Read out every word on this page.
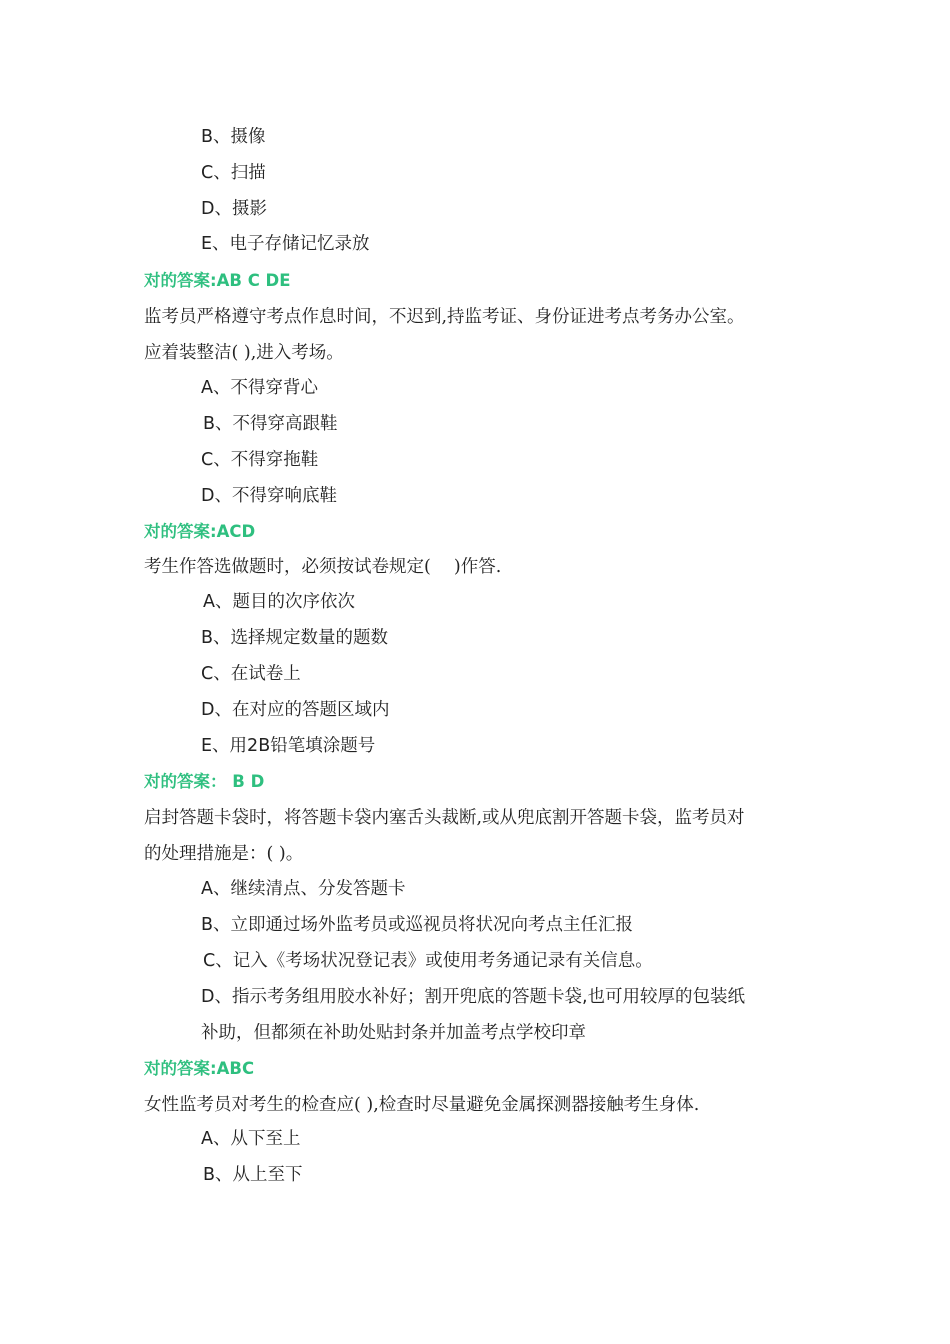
B、摄像
C、扫描
D、摄影
E、电子存储记忆录放
对的答案:AB C DE
监考员严格遵守考点作息时间，不迟到,持监考证、身份证进考点考务办公室。
应着装整洁( ),进入考场。
A、不得穿背心
B、不得穿高跟鞋
C、不得穿拖鞋
D、不得穿响底鞋
对的答案:ACD
考生作答选做题时，必须按试卷规定(　 )作答.
A、题目的次序依次
B、选择规定数量的题数
C、在试卷上
D、在对应的答题区域内
E、用2B铅笔填涂题号
对的答案： B D
启封答题卡袋时，将答题卡袋内塞舌头裁断,或从兜底割开答题卡袋，监考员对
的处理措施是：( )。
A、继续清点、分发答题卡
B、立即通过场外监考员或巡视员将状况向考点主任汇报
C、记入《考场状况登记表》或使用考务通记录有关信息。
D、指示考务组用胶水补好；割开兜底的答题卡袋,也可用较厚的包装纸
补助，但都须在补助处贴封条并加盖考点学校印章
对的答案:ABC
女性监考员对考生的检查应( ),检查时尽量避免金属探测器接触考生身体.
A、从下至上
B、从上至下
